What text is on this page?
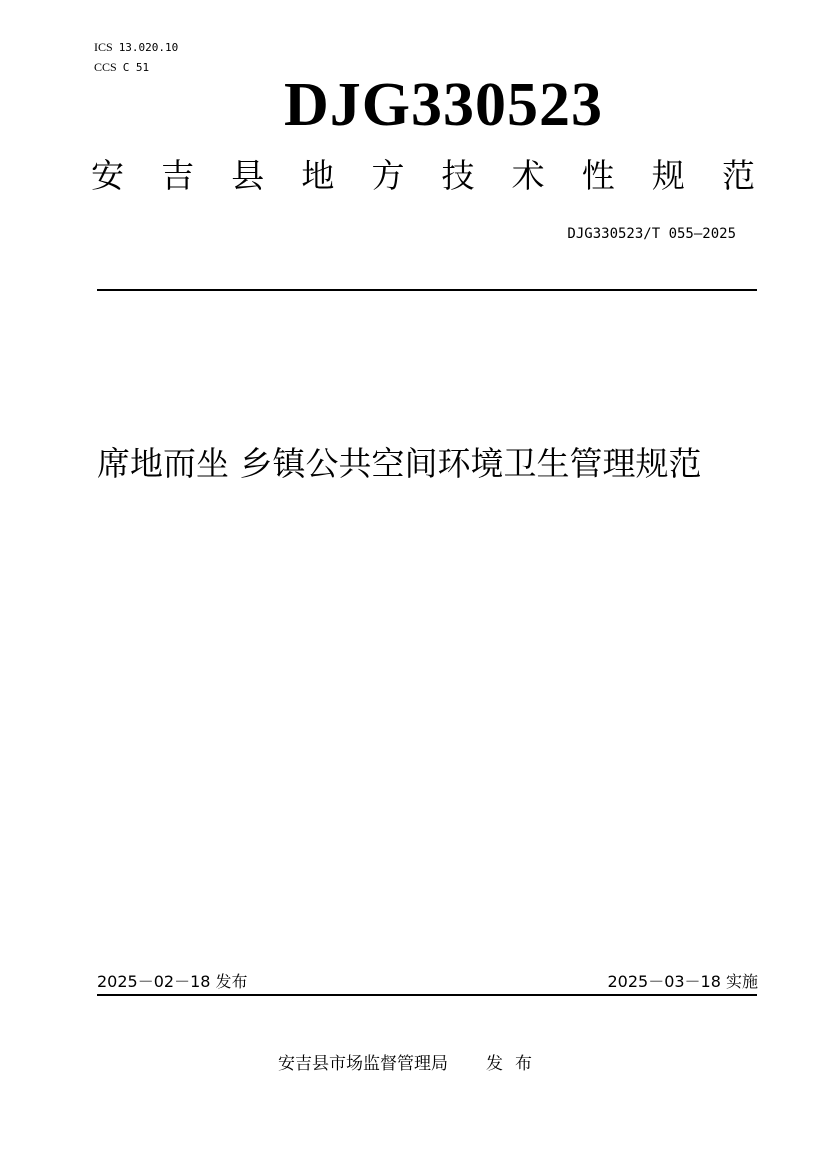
ICS 13.020.10
CCS C 51
DJG330523
安 吉 县 地 方 技 术 性 规 范
DJG330523/T 055—2025
席地而坐 乡镇公共空间环境卫生管理规范
2025－02－18 发布	2025－03－18 实施
安吉县市场监督管理局 发布
